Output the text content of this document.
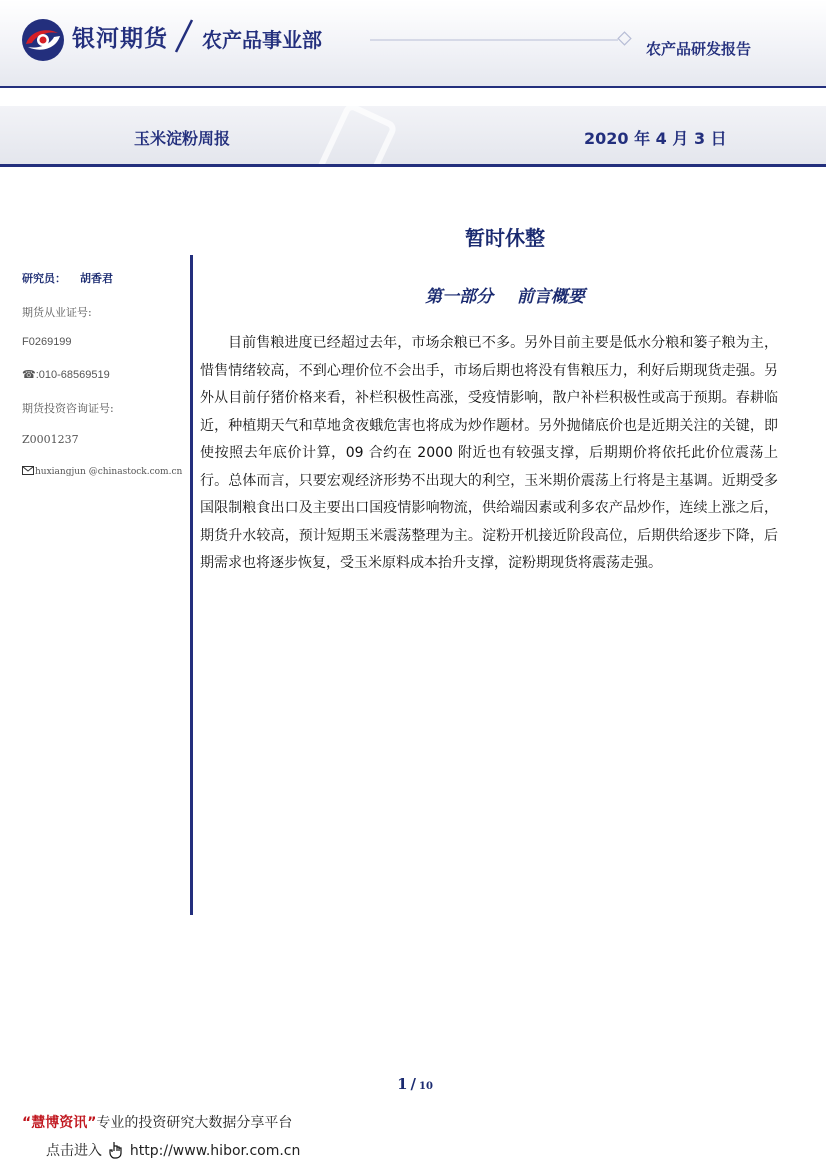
银河期货 农产品事业部	农产品研发报告
玉米淀粉周报	2020 年 4 月 3 日
研究员： 胡香君
期货从业证号:
F0269199
☎:010-68569519
期货投资咨询证号:
Z0001237
huxiangjun @chinastock.com.cn
暂时休整
第一部分    前言概要
目前售粮进度已经超过去年，市场余粮已不多。另外目前主要是低水分粮和篓子粮为主，惜售情绪较高，不到心理价位不会出手，市场后期也将没有售粮压力，利好后期现货走强。另外从目前仔猪价格来看，补栏积极性高涨，受疫情影响，散户补栏积极性或高于预期。春耕临近，种植期天气和草地贪夜蛾危害也将成为炒作题材。另外抛储底价也是近期关注的关键，即使按照去年底价计算，09 合约在 2000 附近也有较强支撑，后期期价将依托此价位震荡上行。总体而言，只要宏观经济形势不出现大的利空，玉米期价震荡上行将是主基调。近期受多国限制粮食出口及主要出口国疫情影响物流，供给端因素或利多农产品炒作，连续上涨之后，期货升水较高，预计短期玉米震荡整理为主。淀粉开机接近阶段高位，后期供给逐步下降，后期需求也将逐步恢复，受玉米原料成本抬升支撑，淀粉期现货将震荡走强。
1 / 10
“慧博资讯”专业的投资研究大数据分享平台
点击进入 http://www.hibor.com.cn
